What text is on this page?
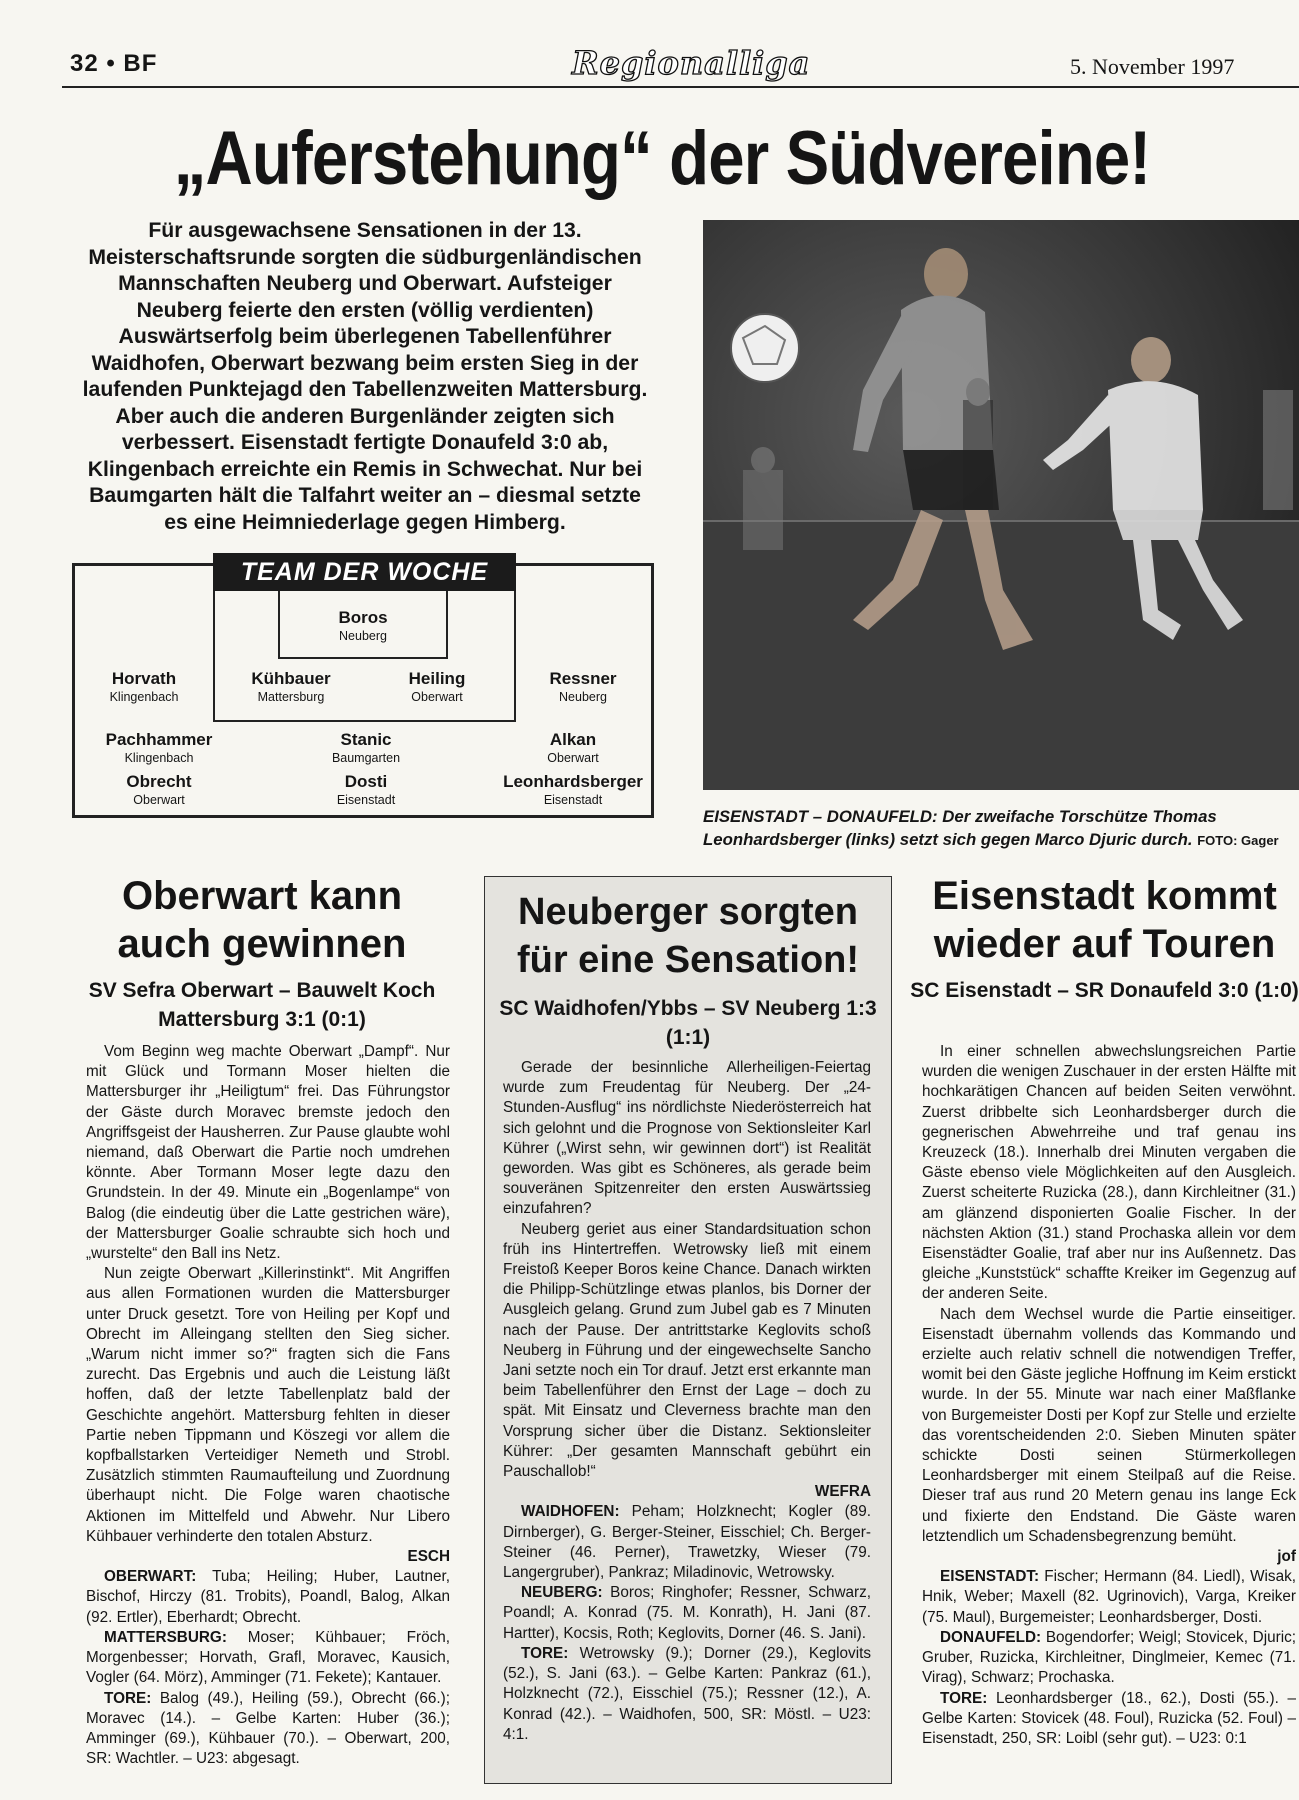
32 • BF	Regionalliga	5. November 1997
„Auferstehung“ der Südvereine!
Für ausgewachsene Sensationen in der 13. Meisterschaftsrunde sorgten die südburgenländischen Mannschaften Neuberg und Oberwart. Aufsteiger Neuberg feierte den ersten (völlig verdienten) Auswärtserfolg beim überlegenen Tabellenführer Waidhofen, Oberwart bezwang beim ersten Sieg in der laufenden Punktejagd den Tabellenzweiten Mattersburg. Aber auch die anderen Burgenländer zeigten sich verbessert. Eisenstadt fertigte Donaufeld 3:0 ab, Klingenbach erreichte ein Remis in Schwechat. Nur bei Baumgarten hält die Talfahrt weiter an – diesmal setzte es eine Heimniederlage gegen Himberg.
EISENSTADT – DONAUFELD: Der zweifache Torschütze Thomas Leonhardsberger (links) setzt sich gegen Marco Djuric durch. FOTO: Gager
TEAM DER WOCHE
Boros
Neuberg
Horvath
Klingenbach
Kühbauer
Mattersburg
Heiling
Oberwart
Ressner
Neuberg
Pachhammer
Klingenbach
Stanic
Baumgarten
Alkan
Oberwart
Obrecht
Oberwart
Dosti
Eisenstadt
Leonhardsberger
Eisenstadt
Oberwart kann auch gewinnen
SV Sefra Oberwart – Bauwelt Koch Mattersburg 3:1 (0:1)

Vom Beginn weg machte Oberwart „Dampf“. Nur mit Glück und Tormann Moser hielten die Mattersburger ihr „Heiligtum“ frei. Das Führungstor der Gäste durch Moravec bremste jedoch den Angriffsgeist der Hausherren. Zur Pause glaubte wohl niemand, daß Oberwart die Partie noch umdrehen könnte. Aber Tormann Moser legte dazu den Grundstein. In der 49. Minute ein „Bogenlampe“ von Balog (die eindeutig über die Latte gestrichen wäre), der Mattersburger Goalie schraubte sich hoch und „wurstelte“ den Ball ins Netz.

Nun zeigte Oberwart „Killerinstinkt“. Mit Angriffen aus allen Formationen wurden die Mattersburger unter Druck gesetzt. Tore von Heiling per Kopf und Obrecht im Alleingang stellten den Sieg sicher. „Warum nicht immer so?“ fragten sich die Fans zurecht. Das Ergebnis und auch die Leistung läßt hoffen, daß der letzte Tabellenplatz bald der Geschichte angehört. Mattersburg fehlten in dieser Partie neben Tippmann und Köszegi vor allem die kopfballstarken Verteidiger Nemeth und Strobl. Zusätzlich stimmten Raumaufteilung und Zuordnung überhaupt nicht. Die Folge waren chaotische Aktionen im Mittelfeld und Abwehr. Nur Libero Kühbauer verhinderte den totalen Absturz.

ESCH

OBERWART: Tuba; Heiling; Huber, Lautner, Bischof, Hirczy (81. Trobits), Poandl, Balog, Alkan (92. Ertler), Eberhardt; Obrecht.

MATTERSBURG: Moser; Kühbauer; Fröch, Morgenbesser; Horvath, Grafl, Moravec, Kausich, Vogler (64. Mörz), Amminger (71. Fekete); Kantauer.

TORE: Balog (49.), Heiling (59.), Obrecht (66.); Moravec (14.). – Gelbe Karten: Huber (36.); Amminger (69.), Kühbauer (70.). – Oberwart, 200, SR: Wachtler. – U23: abgesagt.

Neuberger sorgten für eine Sensation!
SC Waidhofen/Ybbs – SV Neuberg 1:3 (1:1)

Gerade der besinnliche Allerheiligen-Feiertag wurde zum Freudentag für Neuberg. Der „24-Stunden-Ausflug“ ins nördlichste Niederösterreich hat sich gelohnt und die Prognose von Sektionsleiter Karl Kührer („Wirst sehn, wir gewinnen dort“) ist Realität geworden. Was gibt es Schöneres, als gerade beim souveränen Spitzenreiter den ersten Auswärtssieg einzufahren?

Neuberg geriet aus einer Standardsituation schon früh ins Hintertreffen. Wetrowsky ließ mit einem Freistoß Keeper Boros keine Chance. Danach wirkten die Philipp-Schützlinge etwas planlos, bis Dorner der Ausgleich gelang. Grund zum Jubel gab es 7 Minuten nach der Pause. Der antrittstarke Keglovits schoß Neuberg in Führung und der eingewechselte Sancho Jani setzte noch ein Tor drauf. Jetzt erst erkannte man beim Tabellenführer den Ernst der Lage – doch zu spät. Mit Einsatz und Cleverness brachte man den Vorsprung sicher über die Distanz. Sektionsleiter Kührer: „Der gesamten Mannschaft gebührt ein Pauschallob!“

WEFRA

WAIDHOFEN: Peham; Holzknecht; Kogler (89. Dirnberger), G. Berger-Steiner, Eisschiel; Ch. Berger-Steiner (46. Perner), Trawetzky, Wieser (79. Langergruber), Pankraz; Miladinovic, Wetrowsky.

NEUBERG: Boros; Ringhofer; Ressner, Schwarz, Poandl; A. Konrad (75. M. Konrath), H. Jani (87. Hartter), Kocsis, Roth; Keglovits, Dorner (46. S. Jani).

TORE: Wetrowsky (9.); Dorner (29.), Keglovits (52.), S. Jani (63.). – Gelbe Karten: Pankraz (61.), Holzknecht (72.), Eisschiel (75.); Ressner (12.), A. Konrad (42.). – Waidhofen, 500, SR: Möstl. – U23: 4:1.

Eisenstadt kommt wieder auf Touren
SC Eisenstadt – SR Donaufeld 3:0 (1:0)

In einer schnellen abwechslungsreichen Partie wurden die wenigen Zuschauer in der ersten Hälfte mit hochkarätigen Chancen auf beiden Seiten verwöhnt. Zuerst dribbelte sich Leonhardsberger durch die gegnerischen Abwehrreihe und traf genau ins Kreuzeck (18.). Innerhalb drei Minuten vergaben die Gäste ebenso viele Möglichkeiten auf den Ausgleich. Zuerst scheiterte Ruzicka (28.), dann Kirchleitner (31.) am glänzend disponierten Goalie Fischer. In der nächsten Aktion (31.) stand Prochaska allein vor dem Eisenstädter Goalie, traf aber nur ins Außennetz. Das gleiche „Kunststück“ schaffte Kreiker im Gegenzug auf der anderen Seite.

Nach dem Wechsel wurde die Partie einseitiger. Eisenstadt übernahm vollends das Kommando und erzielte auch relativ schnell die notwendigen Treffer, womit bei den Gäste jegliche Hoffnung im Keim erstickt wurde. In der 55. Minute war nach einer Maßflanke von Burgemeister Dosti per Kopf zur Stelle und erzielte das vorentscheidenden 2:0. Sieben Minuten später schickte Dosti seinen Stürmerkollegen Leonhardsberger mit einem Steilpaß auf die Reise. Dieser traf aus rund 20 Metern genau ins lange Eck und fixierte den Endstand. Die Gäste waren letztendlich um Schadensbegrenzung bemüht.

jof

EISENSTADT: Fischer; Hermann (84. Liedl), Wisak, Hnik, Weber; Maxell (82. Ugrinovich), Varga, Kreiker (75. Maul), Burgemeister; Leonhardsberger, Dosti.

DONAUFELD: Bogendorfer; Weigl; Stovicek, Djuric; Gruber, Ruzicka, Kirchleitner, Dinglmeier, Kemec (71. Virag), Schwarz; Prochaska.

TORE: Leonhardsberger (18., 62.), Dosti (55.). – Gelbe Karten: Stovicek (48. Foul), Ruzicka (52. Foul) – Eisenstadt, 250, SR: Loibl (sehr gut). – U23: 0:1
